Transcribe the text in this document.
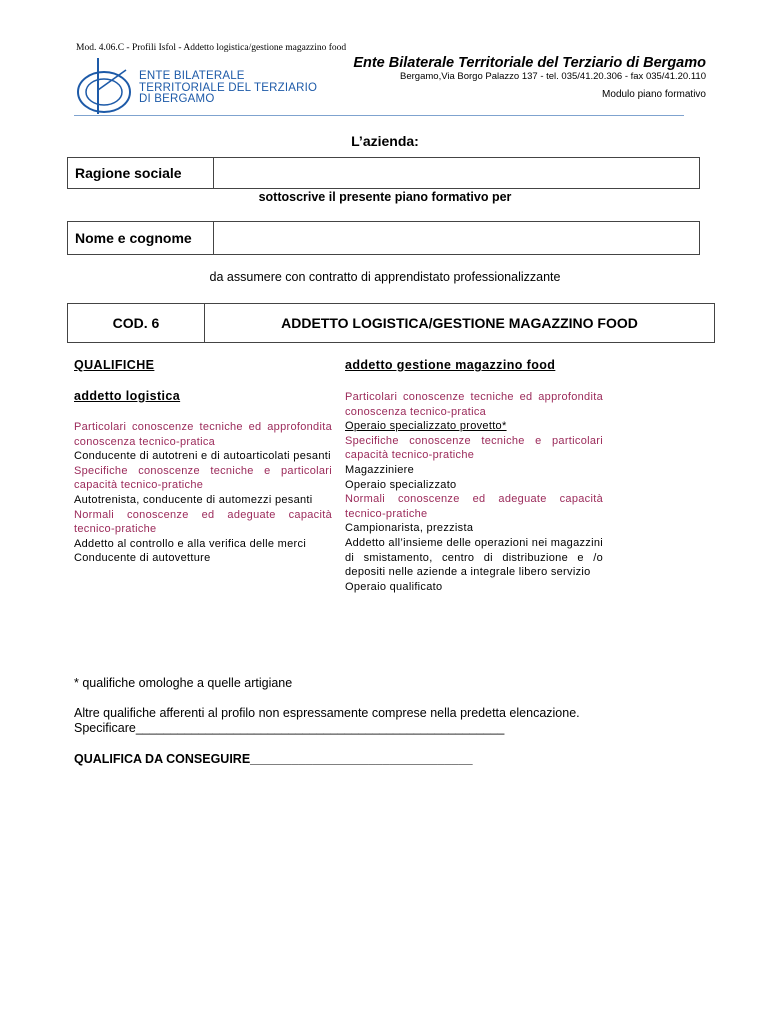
Mod. 4.06.C - Profili Isfol - Addetto logistica/gestione magazzino food
ENTE BILATERALE
TERRITORIALE DEL TERZIARIO
DI BERGAMO
Ente Bilaterale Territoriale del Terziario di Bergamo
Bergamo,Via Borgo Palazzo 137 - tel. 035/41.20.306 - fax 035/41.20.110
Modulo piano formativo
L’azienda:
Ragione sociale
sottoscrive il presente piano formativo per
Nome e cognome
da assumere con contratto di apprendistato professionalizzante
COD. 6	ADDETTO LOGISTICA/GESTIONE MAGAZZINO FOOD
QUALIFICHE	addetto gestione magazzino food
addetto logistica

Particolari conoscenze tecniche ed approfondita conoscenza tecnico-pratica

Conducente di autotreni e di autoarticolati pesanti

Specifiche conoscenze tecniche e particolari capacità tecnico-pratiche

Autotrenista, conducente di automezzi pesanti

Normali conoscenze ed adeguate capacità tecnico-pratiche

Addetto al controllo e alla verifica delle merci

Conducente di autovetture

Particolari conoscenze tecniche ed approfondita conoscenza tecnico-pratica

Operaio specializzato provetto*

Specifiche conoscenze tecniche e particolari capacità tecnico-pratiche

Magazziniere

Operaio specializzato

Normali conoscenze ed adeguate capacità tecnico-pratiche

Campionarista, prezzista

Addetto all’insieme delle operazioni nei magazzini di smistamento, centro di distribuzione e /o depositi nelle aziende a integrale libero servizio

Operaio qualificato

* qualifiche omologhe a quelle artigiane
Altre qualifiche afferenti al profilo non espressamente comprese nella predetta elencazione.
Specificare_____________________________________________________
QUALIFICA DA CONSEGUIRE________________________________
